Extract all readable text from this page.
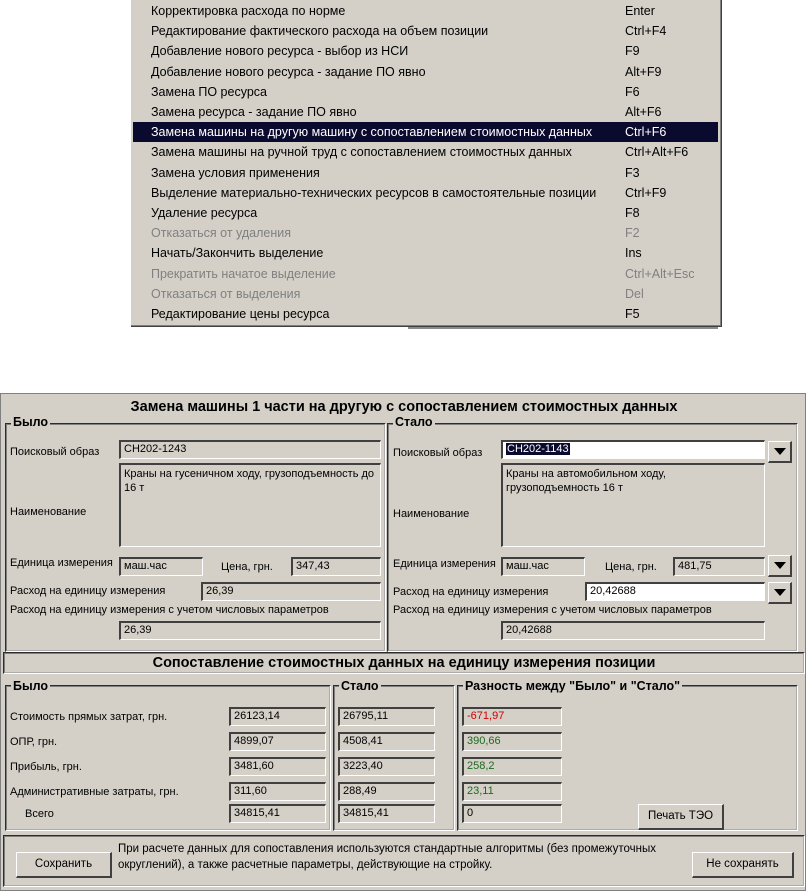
Корректировка расхода по норме	Enter
Редактирование фактического расхода на объем позиции	Ctrl+F4
Добавление нового ресурса - выбор из НСИ	F9
Добавление нового ресурса - задание ПО явно	Alt+F9
Замена ПО ресурса	F6
Замена ресурса - задание ПО явно	Alt+F6
Замена машины на другую машину с сопоставлением стоимостных данных	Ctrl+F6
Замена машины на ручной труд с сопоставлением стоимостных данных	Ctrl+Alt+F6
Замена условия применения	F3
Выделение материально-технических ресурсов в самостоятельные позиции Ctrl+F9
Удаление ресурса	F8
Отказаться от удаления	F2
Начать/Закончить выделение	Ins
Прекратить начатое выделение	Ctrl+Alt+Esc
Отказаться от выделения	Del
Редактирование цены ресурса	F5
Замена машины 1 части на другую с сопоставлением стоимостных данных
Было
Поисковый образ	СН202-1243
Краны на гусеничном ходу, грузоподъемность до 16 т
Наименование
Единица измерения	маш.час	Цена, грн.	347,43
Расход на единицу измерения	26,39
Расход на единицу измерения с учетом числовых параметров
26,39
Стало
Поисковый образ	СН202-1143
Краны на автомобильном ходу, грузоподъемность 16 т
Наименование
Единица измерения маш.час	Цена, грн.	481,75
Расход на единицу измерения	20,42688
Расход на единицу измерения с учетом числовых параметров
20,42688
Сопоставление стоимостных данных на единицу измерения позиции
Было	Стало	Разность между "Было" и "Стало"
Стоимость прямых затрат, грн.	26123,14	26795,11	-671,97
ОПР, грн.	4899,07	4508,41	390,66
Прибыль, грн.	3481,60	3223,40	258,2
Административные затраты, грн.	311,60	288,49	23,11
Всего	34815,41	34815,41	0	Печать ТЭО
Сохранить
При расчете данных для сопоставления используются стандартные алгоритмы (без промежуточных округлений), а также расчетные параметры, действующие на стройку.	Не сохранять
